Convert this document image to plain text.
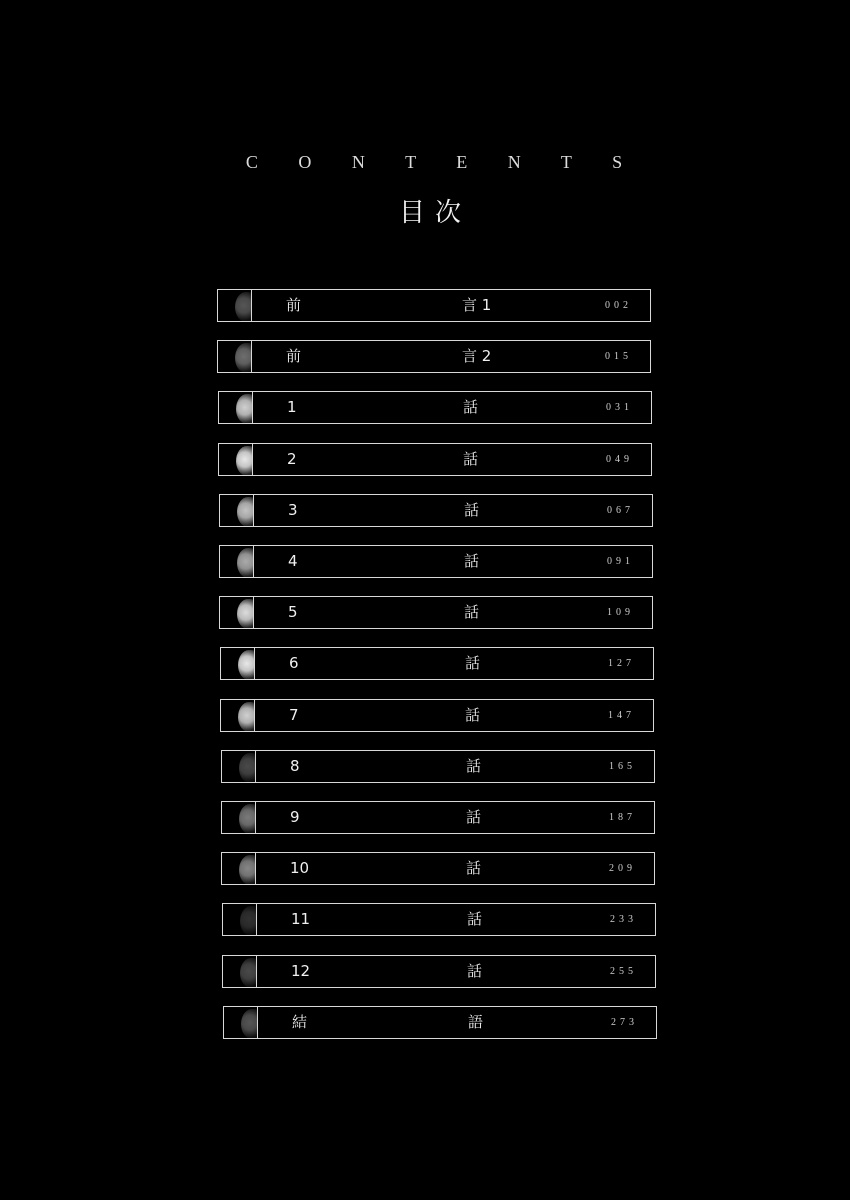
C O N T E N T S
目次
前	言 1	002
前	言 2	015
1	話	031
2	話	049
3	話	067
4	話	091
5	話	109
6	話	127
7	話	147
8	話	165
9	話	187
10	話	209
11	話	233
12	話	255
結	語	273
